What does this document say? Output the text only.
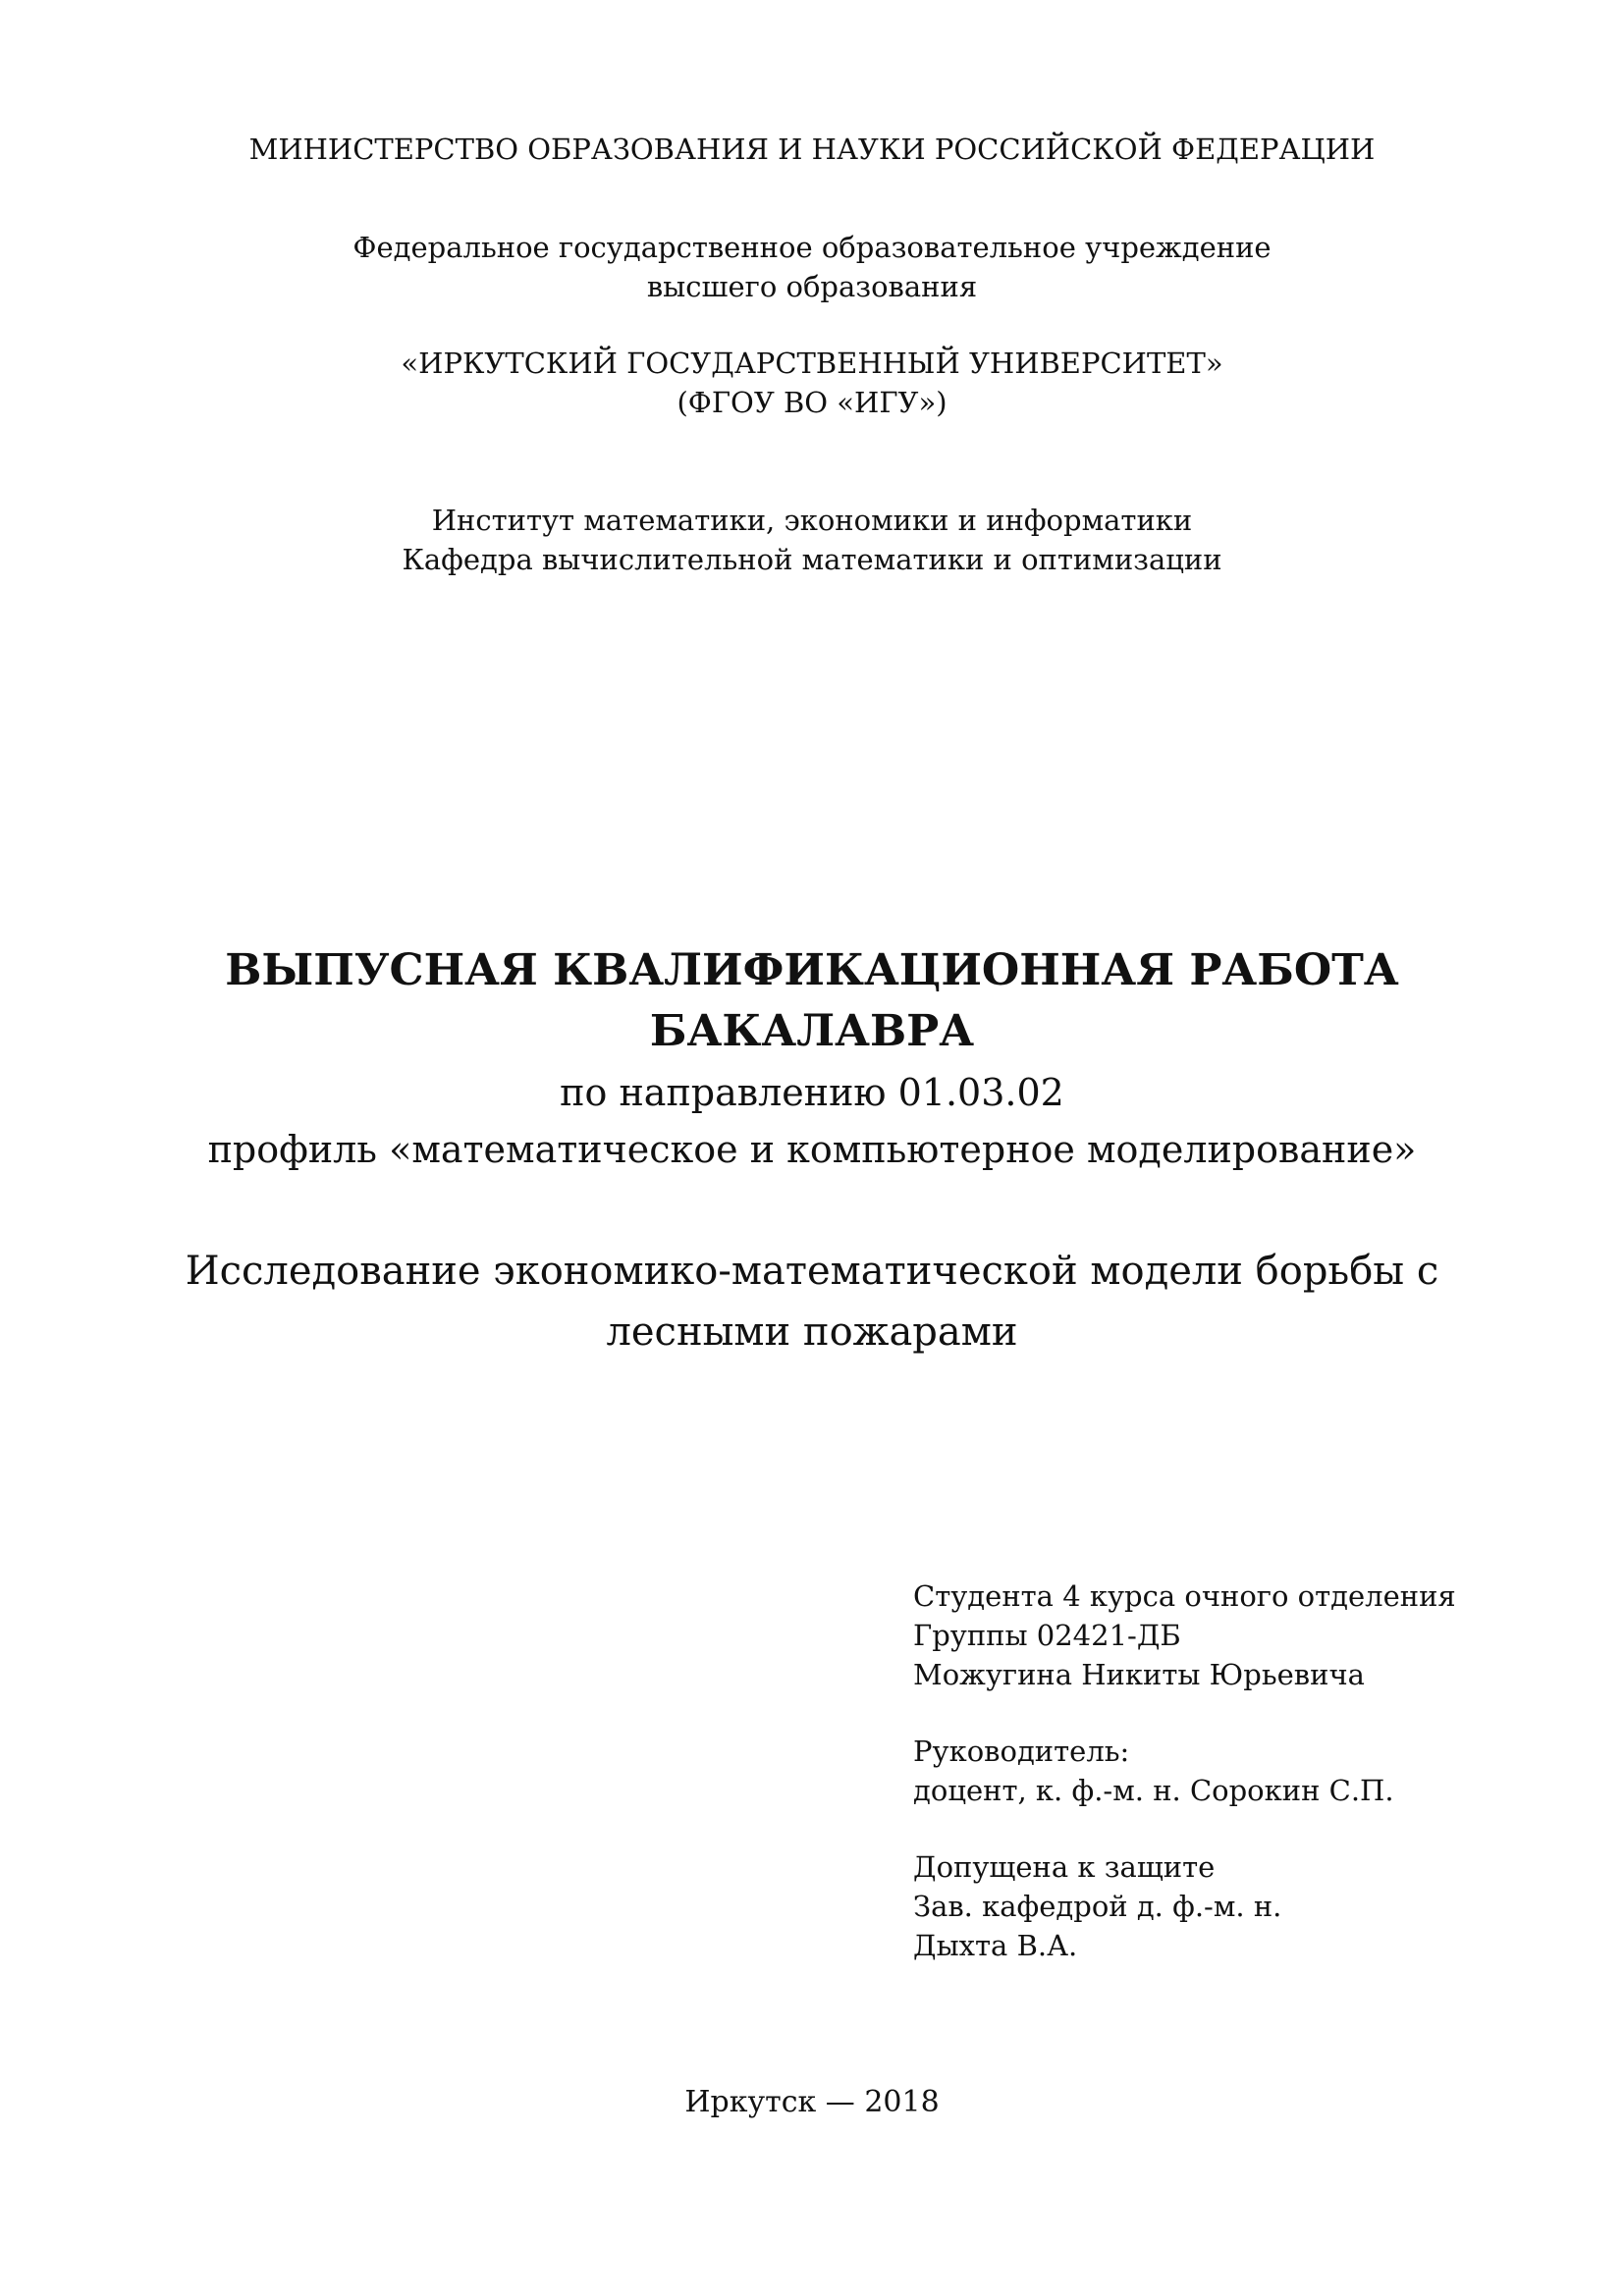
МИНИСТЕРСТВО ОБРАЗОВАНИЯ И НАУКИ РОССИЙСКОЙ ФЕДЕРАЦИИ
Федеральное государственное образовательное учреждение
высшего образования
«ИРКУТСКИЙ ГОСУДАРСТВЕННЫЙ УНИВЕРСИТЕТ»
(ФГОУ ВО «ИГУ»)
Институт математики, экономики и информатики
Кафедра вычислительной математики и оптимизации
ВЫПУСНАЯ КВАЛИФИКАЦИОННАЯ РАБОТА
БАКАЛАВРА
по направлению 01.03.02
профиль «математическое и компьютерное моделирование»
Исследование экономико-математической модели борьбы с
лесными пожарами
Студента 4 курса очного отделения
Группы 02421-ДБ
Можугина Никиты Юрьевича
Руководитель:
доцент, к. ф.-м. н. Сорокин С.П.
Допущена к защите
Зав. кафедрой д. ф.-м. н.
Дыхта В.А.
Иркутск — 2018
